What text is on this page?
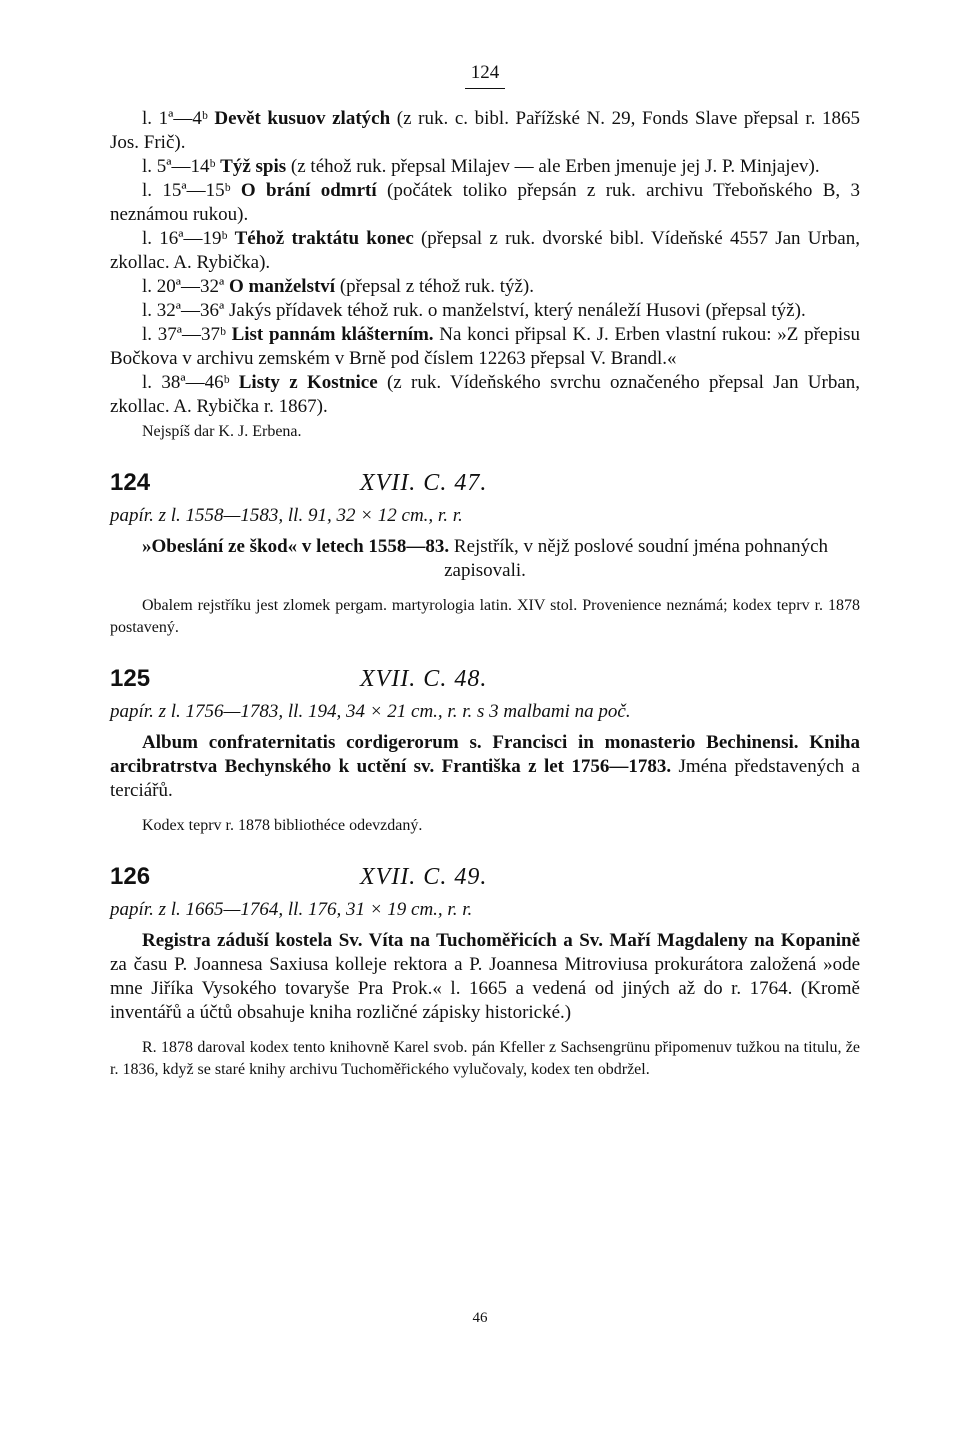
124
l. 1ª—4ᵇ Devět kusuov zlatých (z ruk. c. bibl. Pařížské N. 29, Fonds Slave přepsal r. 1865 Jos. Frič).
l. 5ª—14ᵇ Týž spis (z téhož ruk. přepsal Milajev — ale Erben jmenuje jej J. P. Minjajev).
l. 15ª—15ᵇ O brání odmrtí (počátek toliko přepsán z ruk. archivu Třeboňského B, 3 neznámou rukou).
l. 16ª—19ᵇ Téhož traktátu konec (přepsal z ruk. dvorské bibl. Vídeňské 4557 Jan Urban, zkollac. A. Rybička).
l. 20ª—32ª O manželství (přepsal z téhož ruk. týž).
l. 32ª—36ª Jakýs přídavek téhož ruk. o manželství, který nenáleží Husovi (přepsal týž).
l. 37ª—37ᵇ List pannám klášterním. Na konci připsal K. J. Erben vlastní rukou: »Z přepisu Bočkova v archivu zemském v Brně pod číslem 12263 přepsal V. Brandl.«
l. 38ª—46ᵇ Listy z Kostnice (z ruk. Vídeňského svrchu označeného přepsal Jan Urban, zkollac. A. Rybička r. 1867).
Nejspíš dar K. J. Erbena.
124	XVII. C. 47.
papír. z l. 1558—1583, ll. 91, 32 × 12 cm., r. r.
»Obeslání ze škod« v letech 1558—83. Rejstřík, v nějž poslové soudní jména pohnaných zapisovali.
Obalem rejstříku jest zlomek pergam. martyrologia latin. XIV stol. Provenience neznámá; kodex teprv r. 1878 postavený.
125	XVII. C. 48.
papír. z l. 1756—1783, ll. 194, 34 × 21 cm., r. r. s 3 malbami na poč.
Album confraternitatis cordigerorum s. Francisci in monasterio Bechinensi. Kniha arcibratrstva Bechynského k uctění sv. Františka z let 1756—1783. Jména představených a terciářů.
Kodex teprv r. 1878 bibliothéce odevzdaný.
126	XVII. C. 49.
papír. z l. 1665—1764, ll. 176, 31 × 19 cm., r. r.
Registra záduší kostela Sv. Víta na Tuchoměřicích a Sv. Maří Magdaleny na Kopanině za času P. Joannesa Saxiusa kolleje rektora a P. Joannesa Mitroviusa prokurátora založená »ode mne Jiříka Vysokého tovaryše Pra Prok.« l. 1665 a vedená od jiných až do r. 1764. (Kromě inventářů a účtů obsahuje kniha rozličné zápisky historické.)
R. 1878 daroval kodex tento knihovně Karel svob. pán Kfeller z Sachsengrünu připomenuv tužkou na titulu, že r. 1836, když se staré knihy archivu Tuchoměřického vylučovaly, kodex ten obdržel.
46
